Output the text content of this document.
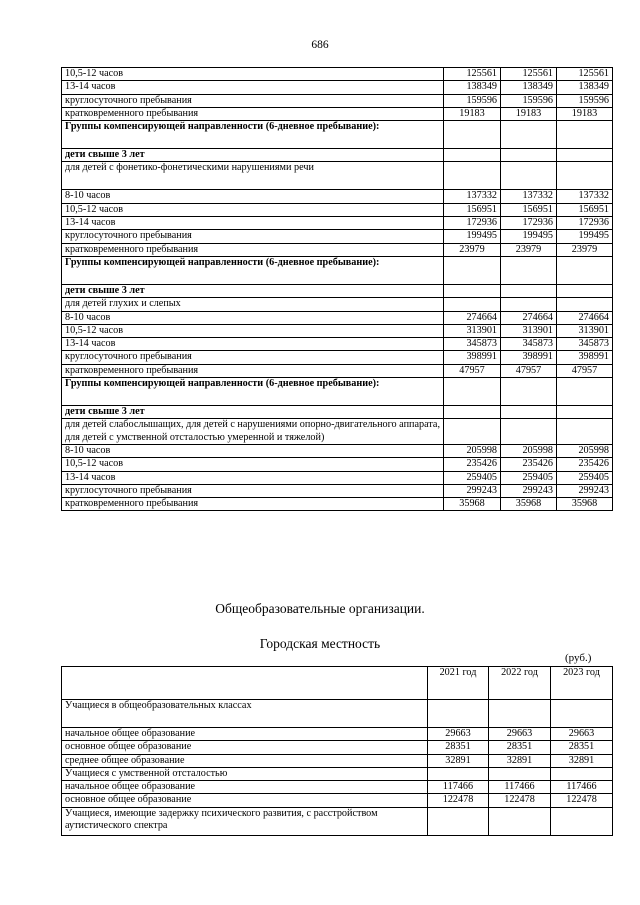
686
10,5-12 часов	125561	125561	125561
13-14 часов	138349	138349	138349
круглосуточного пребывания	159596	159596	159596
кратковременного пребывания	19183	19183	19183
Группы компенсирующей направленности (6-дневное пребывание):			
дети свыше 3 лет			
для детей с фонетико-фонетическими нарушениями речи			
8-10 часов	137332	137332	137332
10,5-12 часов	156951	156951	156951
13-14 часов	172936	172936	172936
круглосуточного пребывания	199495	199495	199495
кратковременного пребывания	23979	23979	23979
Группы компенсирующей направленности (6-дневное пребывание):			
дети свыше 3 лет			
для детей глухих и слепых			
8-10 часов	274664	274664	274664
10,5-12 часов	313901	313901	313901
13-14 часов	345873	345873	345873
круглосуточного пребывания	398991	398991	398991
кратковременного пребывания	47957	47957	47957
Группы компенсирующей направленности (6-дневное пребывание):			
дети свыше 3 лет			
для детей слабослышащих, для детей с нарушениями опорно-двигательного аппарата, для детей с умственной отсталостью умеренной и тяжелой)			
8-10 часов	205998	205998	205998
10,5-12 часов	235426	235426	235426
13-14 часов	259405	259405	259405
круглосуточного пребывания	299243	299243	299243
кратковременного пребывания	35968	35968	35968
Общеобразовательные организации.
Городская местность
(руб.)
	2021 год	2022 год	2023 год
Учащиеся в общеобразовательных классах			
начальное общее образование	29663	29663	29663
основное общее образование	28351	28351	28351
среднее общее образование	32891	32891	32891
Учащиеся с умственной отсталостью			
начальное общее образование	117466	117466	117466
основное общее образование	122478	122478	122478
Учащиеся, имеющие задержку психического развития, с расстройством аутистического спектра			
